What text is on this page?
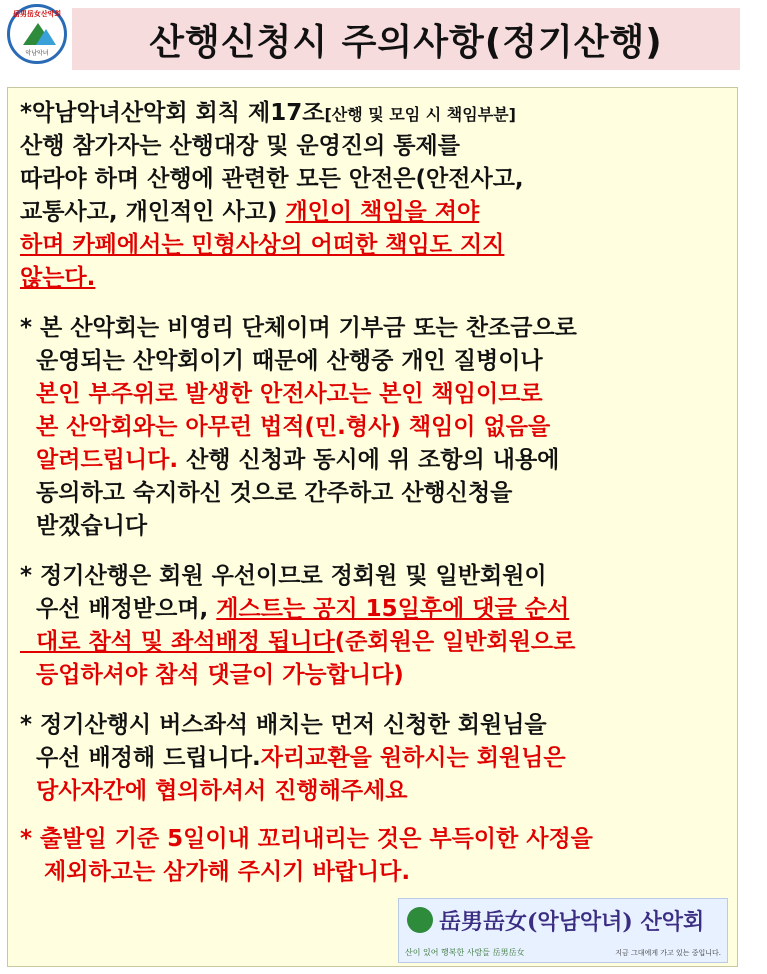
岳男岳女산악회
악남악녀	산행신청시 주의사항(정기산행)
*악남악녀산악회 회칙 제17조[산행 및 모임 시 책임부분]
산행 참가자는 산행대장 및 운영진의 통제를
따라야 하며 산행에 관련한 모든 안전은(안전사고,
교통사고, 개인적인 사고) 개인이 책임을 져야
하며 카페에서는 민형사상의 어떠한 책임도 지지
않는다.
* 본 산악회는 비영리 단체이며 기부금 또는 찬조금으로
운영되는 산악회이기 때문에 산행중 개인 질병이나
본인 부주위로 발생한 안전사고는 본인 책임이므로
본 산악회와는 아무런 법적(민.형사) 책임이 없음을
알려드립니다. 산행 신청과 동시에 위 조항의 내용에
동의하고 숙지하신 것으로 간주하고 산행신청을
받겠습니다
* 정기산행은 회원 우선이므로 정회원 및 일반회원이
우선 배정받으며, 게스트는 공지 15일후에 댓글 순서
대로 참석 및 좌석배정 됩니다(준회원은 일반회원으로
등업하셔야 참석 댓글이 가능합니다)
* 정기산행시 버스좌석 배치는 먼저 신청한 회원님을
우선 배정해 드립니다.자리교환을 원하시는 회원님은
당사자간에 협의하셔서 진행해주세요
* 출발일 기준 5일이내 꼬리내리는 것은 부득이한 사정을
제외하고는 삼가해 주시기 바랍니다.
岳男岳女(악남악녀) 산악회
산이 있어 행복한 사람들 岳男岳女	지금 그대에게 가고 있는 중입니다.
